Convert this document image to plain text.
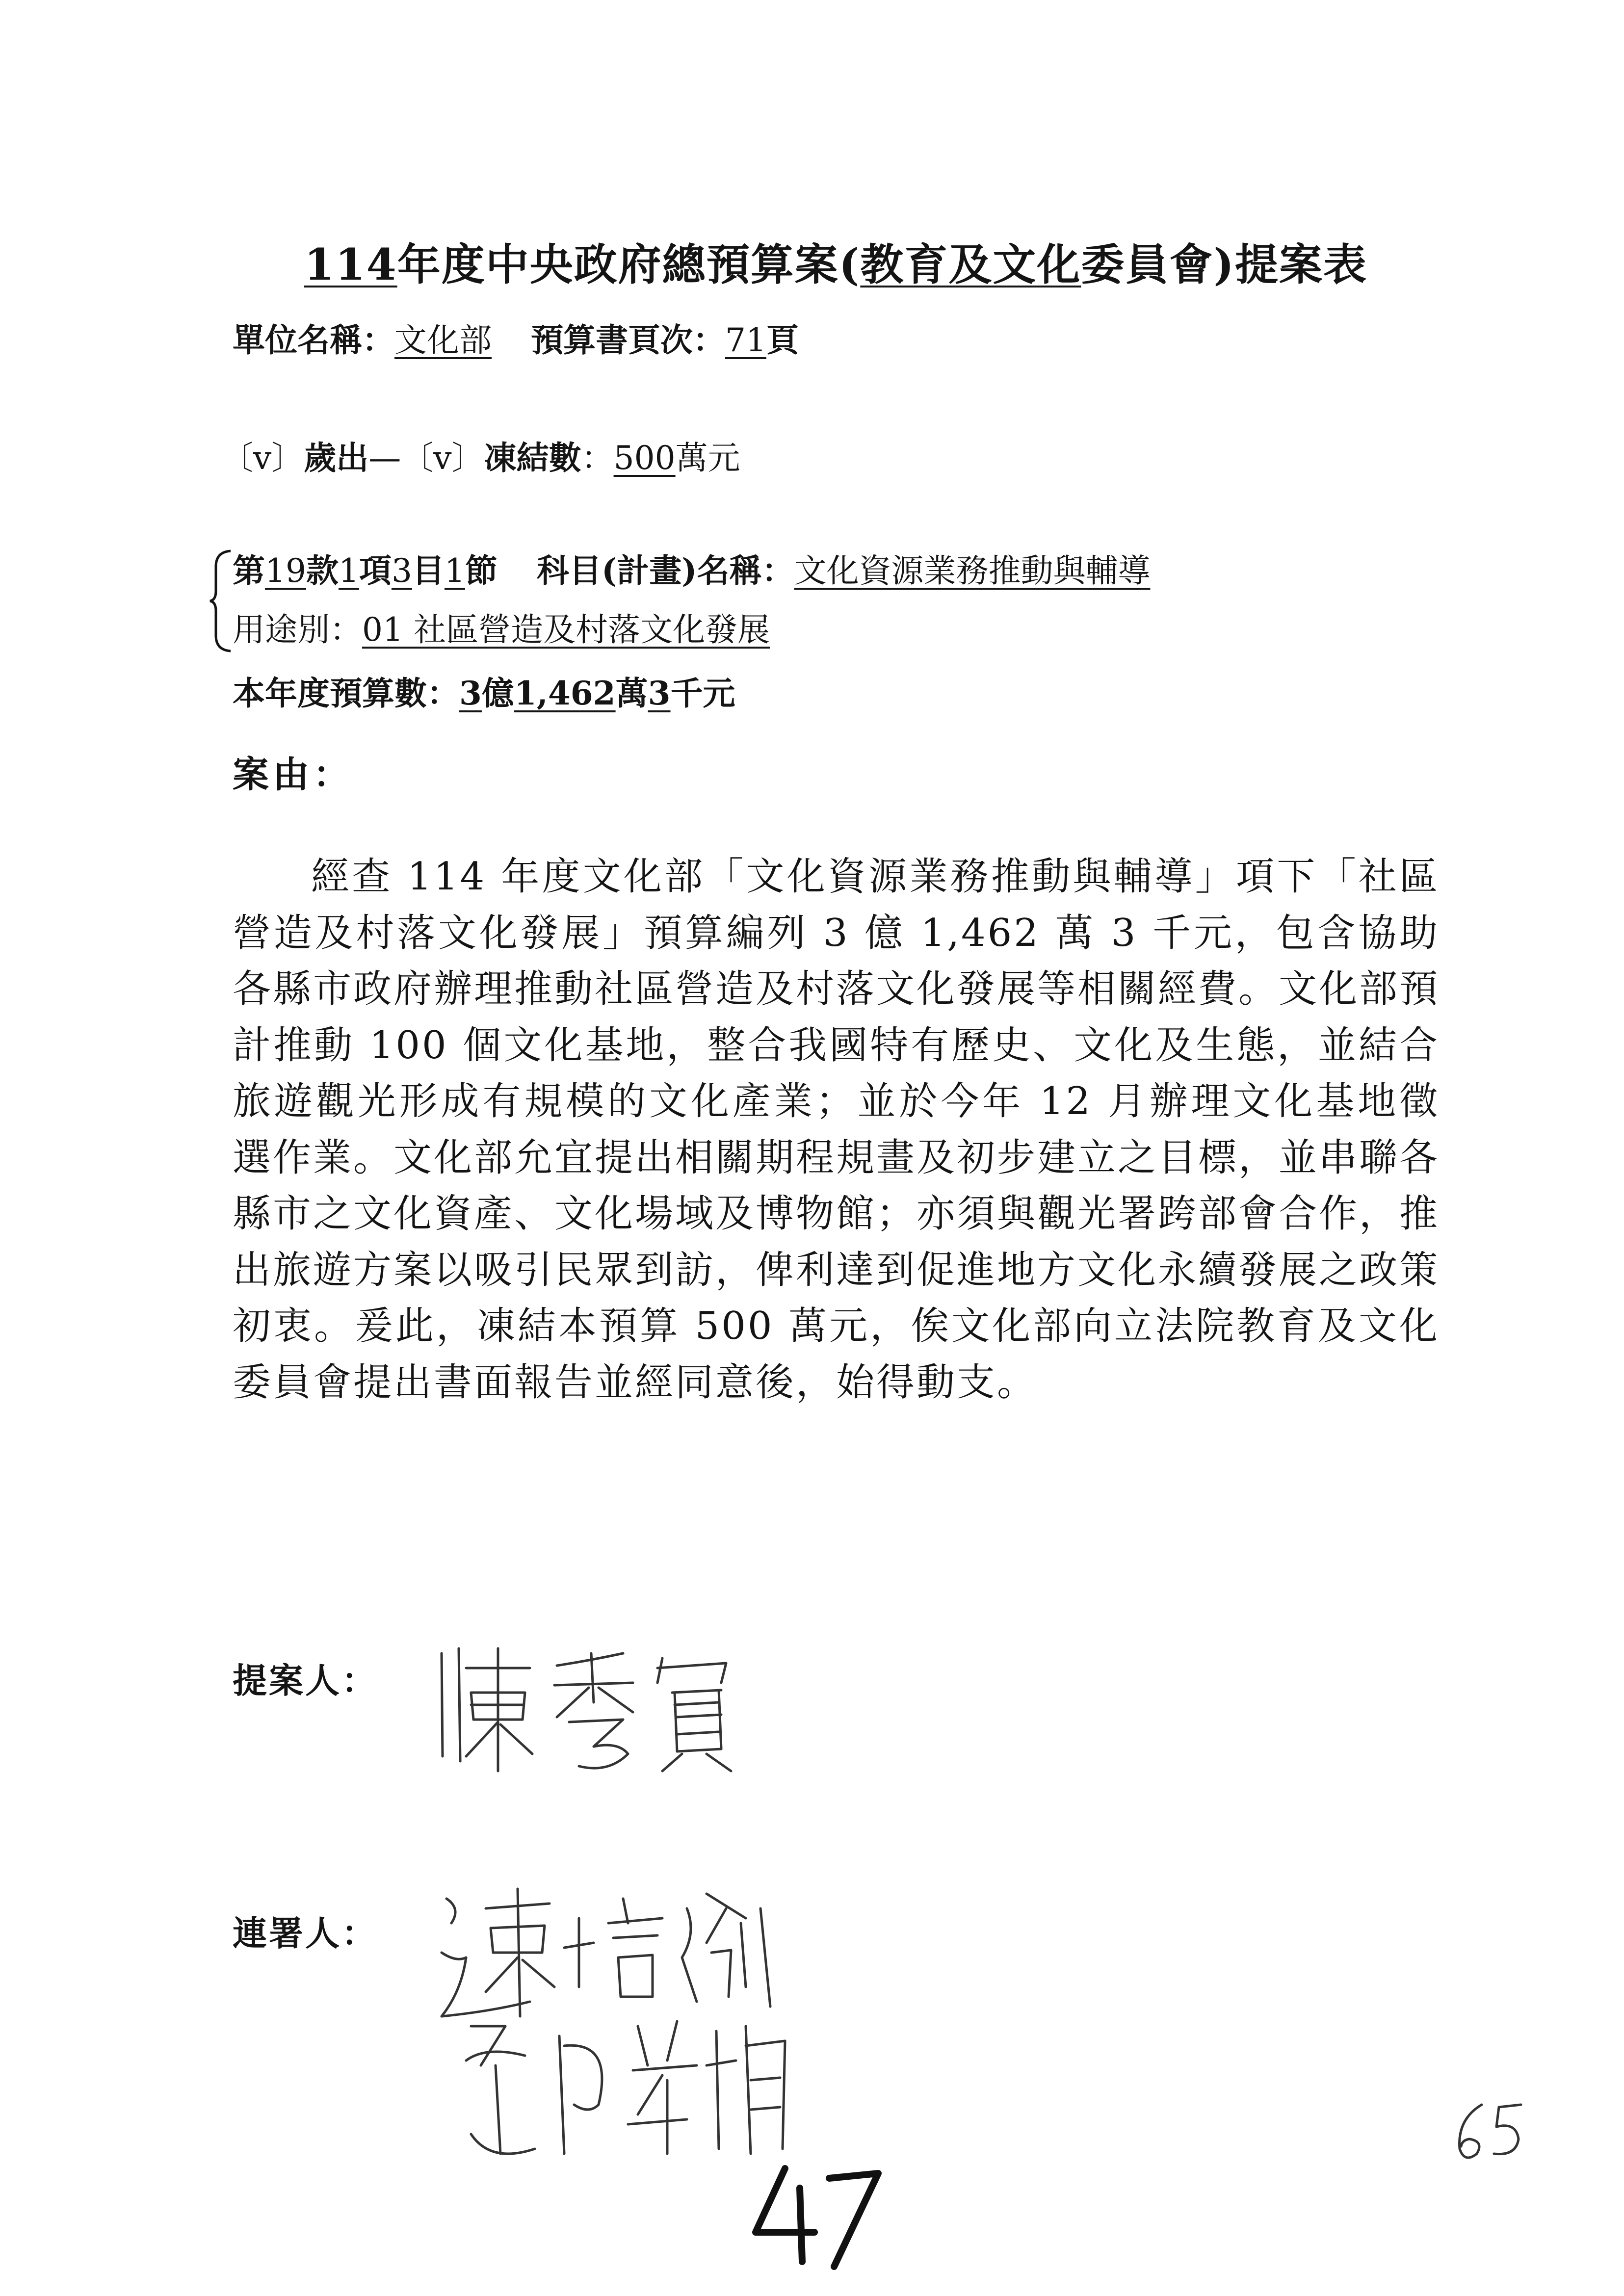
114年度中央政府總預算案(教育及文化委員會)提案表
單位名稱：文化部 預算書頁次：71頁
〔ⅴ〕歲出—〔ⅴ〕凍結數：500萬元
第19款1項3目1節 科目(計畫)名稱：文化資源業務推動與輔導
用途別：01 社區營造及村落文化發展
本年度預算數：3億1,462萬3千元
案由：
經查 114 年度文化部「文化資源業務推動與輔導」項下「社區營造及村落文化發展」預算編列 3 億 1,462 萬 3 千元，包含協助各縣市政府辦理推動社區營造及村落文化發展等相關經費。文化部預計推動 100 個文化基地，整合我國特有歷史、文化及生態，並結合旅遊觀光形成有規模的文化產業；並於今年 12 月辦理文化基地徵選作業。文化部允宜提出相關期程規畫及初步建立之目標，並串聯各縣市之文化資產、文化場域及博物館；亦須與觀光署跨部會合作，推出旅遊方案以吸引民眾到訪，俾利達到促進地方文化永續發展之政策初衷。爰此，凍結本預算 500 萬元，俟文化部向立法院教育及文化委員會提出書面報告並經同意後，始得動支。
提案人：
連署人：
